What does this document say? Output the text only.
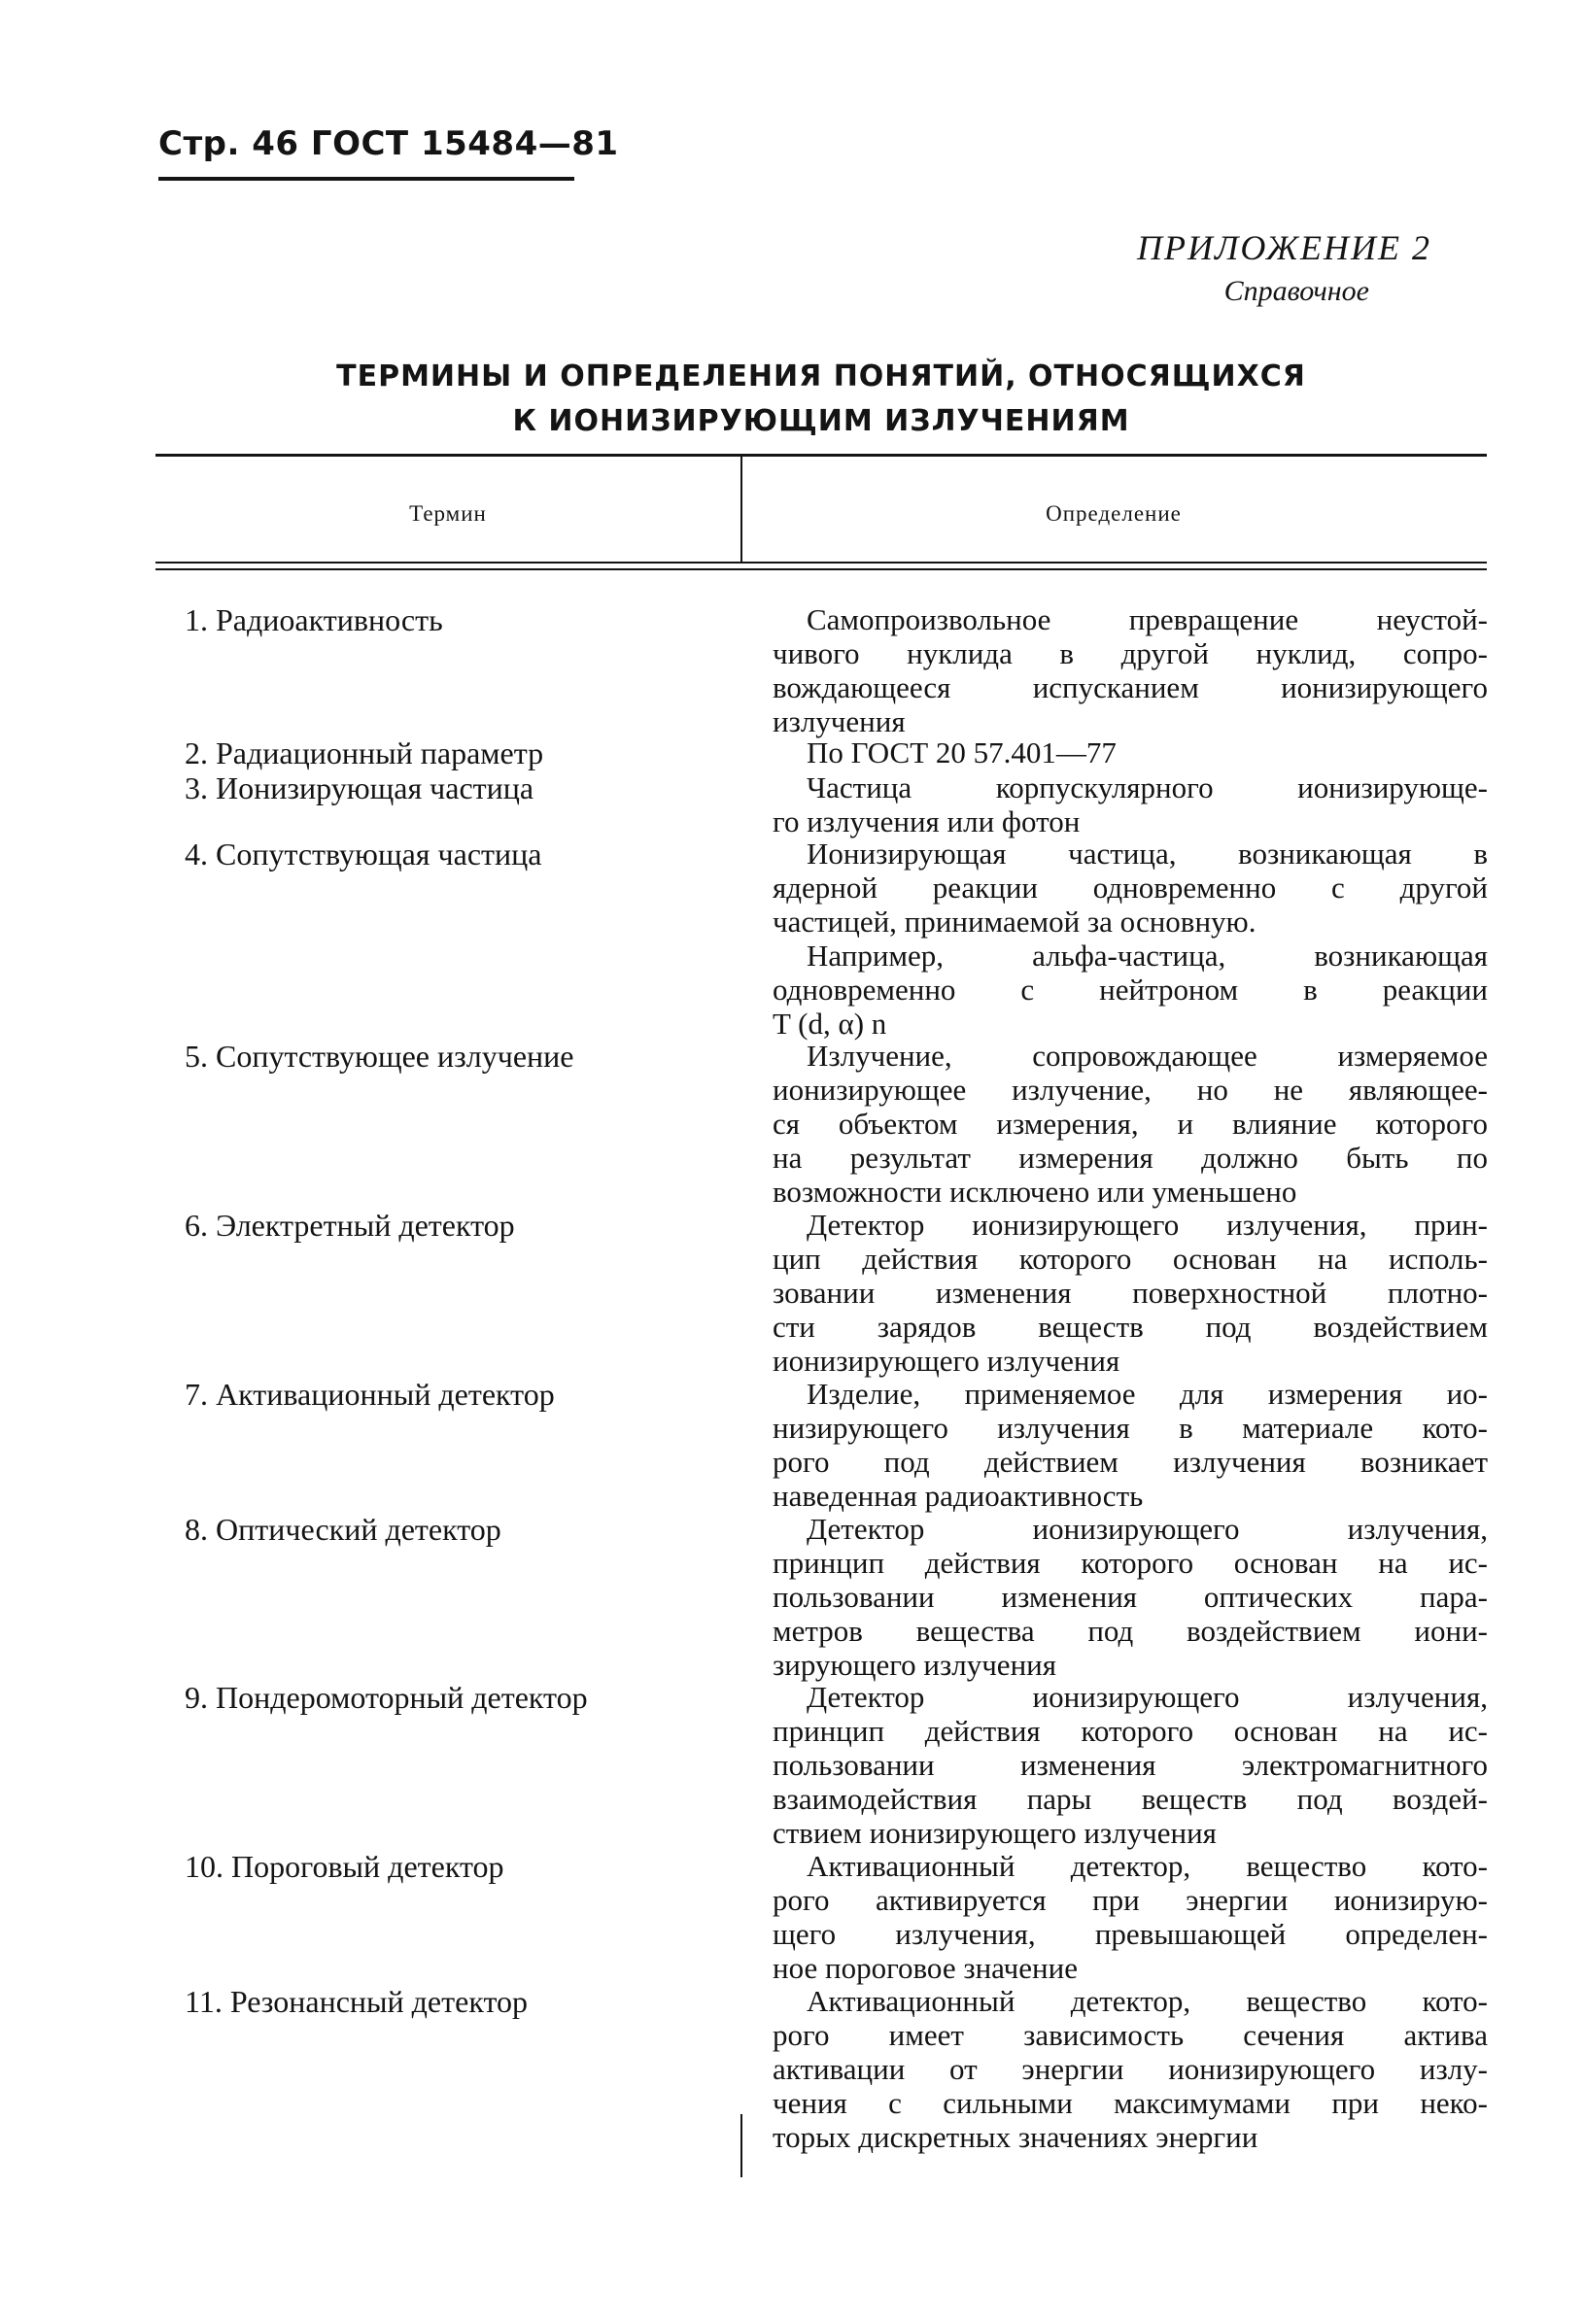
Стр. 46 ГОСТ 15484—81
ПРИЛОЖЕНИЕ 2
Справочное
ТЕРМИНЫ И ОПРЕДЕЛЕНИЯ ПОНЯТИЙ, ОТНОСЯЩИХСЯ
К ИОНИЗИРУЮЩИМ ИЗЛУЧЕНИЯМ
Термин	Определение
1. Радиоактивность	Самопроизвольное превращение неустой-
чивого нуклида в другой нуклид, сопро-
вождающееся испусканием ионизирующего
излучения
2. Радиационный параметр	По ГОСТ 20 57.401—77
3. Ионизирующая частица	Частица корпускулярного ионизирующе-
го излучения или фотон
4. Сопутствующая частица	Ионизирующая частица, возникающая в
ядерной реакции одновременно с другой
частицей, принимаемой за основную.
Например, альфа-частица, возникающая
одновременно с нейтроном в реакции
T (d, α) n
5. Сопутствующее излучение	Излучение, сопровождающее измеряемое
ионизирующее излучение, но не являющее-
ся объектом измерения, и влияние которого
на результат измерения должно быть по
возможности исключено или уменьшено
6. Электретный детектор	Детектор ионизирующего излучения, прин-
цип действия которого основан на исполь-
зовании изменения поверхностной плотно-
сти зарядов веществ под воздействием
ионизирующего излучения
7. Активационный детектор	Изделие, применяемое для измерения ио-
низирующего излучения в материале кото-
рого под действием излучения возникает
наведенная радиоактивность
8. Оптический детектор	Детектор ионизирующего излучения,
принцип действия которого основан на ис-
пользовании изменения оптических пара-
метров вещества под воздействием иони-
зирующего излучения
9. Пондеромоторный детектор	Детектор ионизирующего излучения,
принцип действия которого основан на ис-
пользовании изменения электромагнитного
взаимодействия пары веществ под воздей-
ствием ионизирующего излучения
10. Пороговый детектор	Активационный детектор, вещество кото-
рого активируется при энергии ионизирую-
щего излучения, превышающей определен-
ное пороговое значение
11. Резонансный детектор	Активационный детектор, вещество кото-
рого имеет зависимость сечения актива
активации от энергии ионизирующего излу-
чения с сильными максимумами при неко-
торых дискретных значениях энергии
